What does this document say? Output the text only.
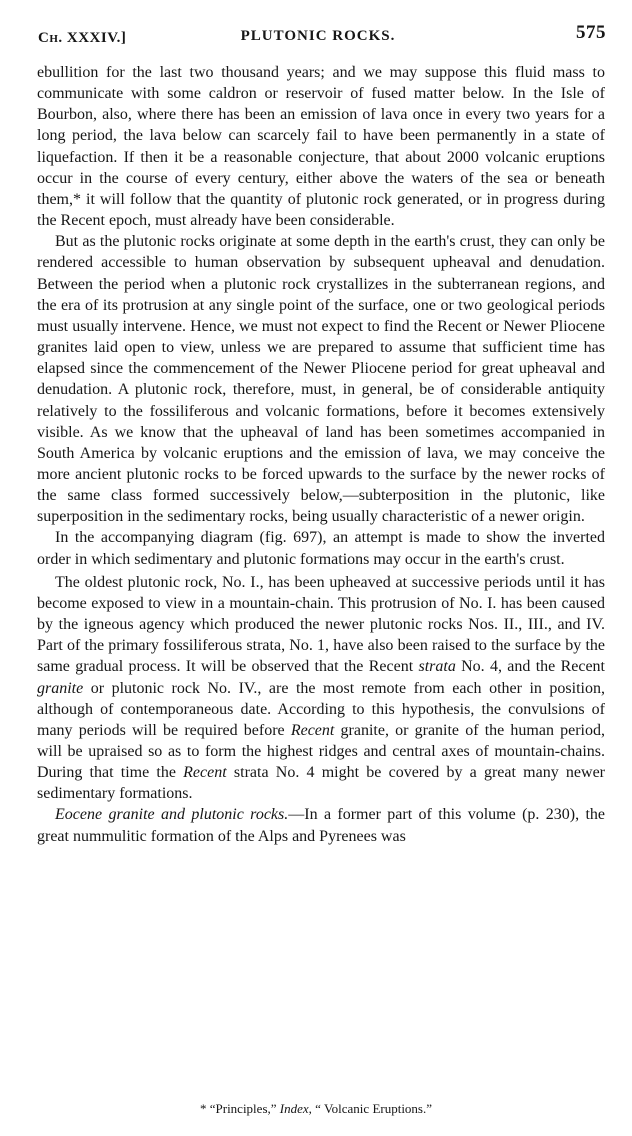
Ch. XXXIV.]	PLUTONIC ROCKS.	575

ebullition for the last two thousand years; and we may suppose this fluid mass to communicate with some caldron or reservoir of fused matter below. In the Isle of Bourbon, also, where there has been an emission of lava once in every two years for a long period, the lava below can scarcely fail to have been permanently in a state of liquefaction. If then it be a reasonable conjecture, that about 2000 volcanic eruptions occur in the course of every century, either above the waters of the sea or beneath them,* it will follow that the quantity of plutonic rock generated, or in progress during the Recent epoch, must already have been considerable.

But as the plutonic rocks originate at some depth in the earth's crust, they can only be rendered accessible to human observation by subsequent upheaval and denudation. Between the period when a plutonic rock crystallizes in the subterranean regions, and the era of its protrusion at any single point of the surface, one or two geological periods must usually intervene. Hence, we must not expect to find the Recent or Newer Pliocene granites laid open to view, unless we are prepared to assume that sufficient time has elapsed since the commencement of the Newer Pliocene period for great upheaval and denudation. A plutonic rock, therefore, must, in general, be of considerable antiquity relatively to the fossiliferous and volcanic formations, before it becomes extensively visible. As we know that the upheaval of land has been sometimes accompanied in South America by volcanic eruptions and the emission of lava, we may conceive the more ancient plutonic rocks to be forced upwards to the surface by the newer rocks of the same class formed successively below,—subterposition in the plutonic, like superposition in the sedimentary rocks, being usually characteristic of a newer origin.

In the accompanying diagram (fig. 697), an attempt is made to show the inverted order in which sedimentary and plutonic formations may occur in the earth's crust.

The oldest plutonic rock, No. I., has been upheaved at successive periods until it has become exposed to view in a mountain-chain. This protrusion of No. I. has been caused by the igneous agency which produced the newer plutonic rocks Nos. II., III., and IV. Part of the primary fossiliferous strata, No. 1, have also been raised to the surface by the same gradual process. It will be observed that the Recent strata No. 4, and the Recent granite or plutonic rock No. IV., are the most remote from each other in position, although of contemporaneous date. According to this hypothesis, the convulsions of many periods will be required before Recent granite, or granite of the human period, will be upraised so as to form the highest ridges and central axes of mountain-chains. During that time the Recent strata No. 4 might be covered by a great many newer sedimentary formations.

Eocene granite and plutonic rocks.—In a former part of this volume (p. 230), the great nummulitic formation of the Alps and Pyrenees was

* “Principles,” Index, “ Volcanic Eruptions.”
